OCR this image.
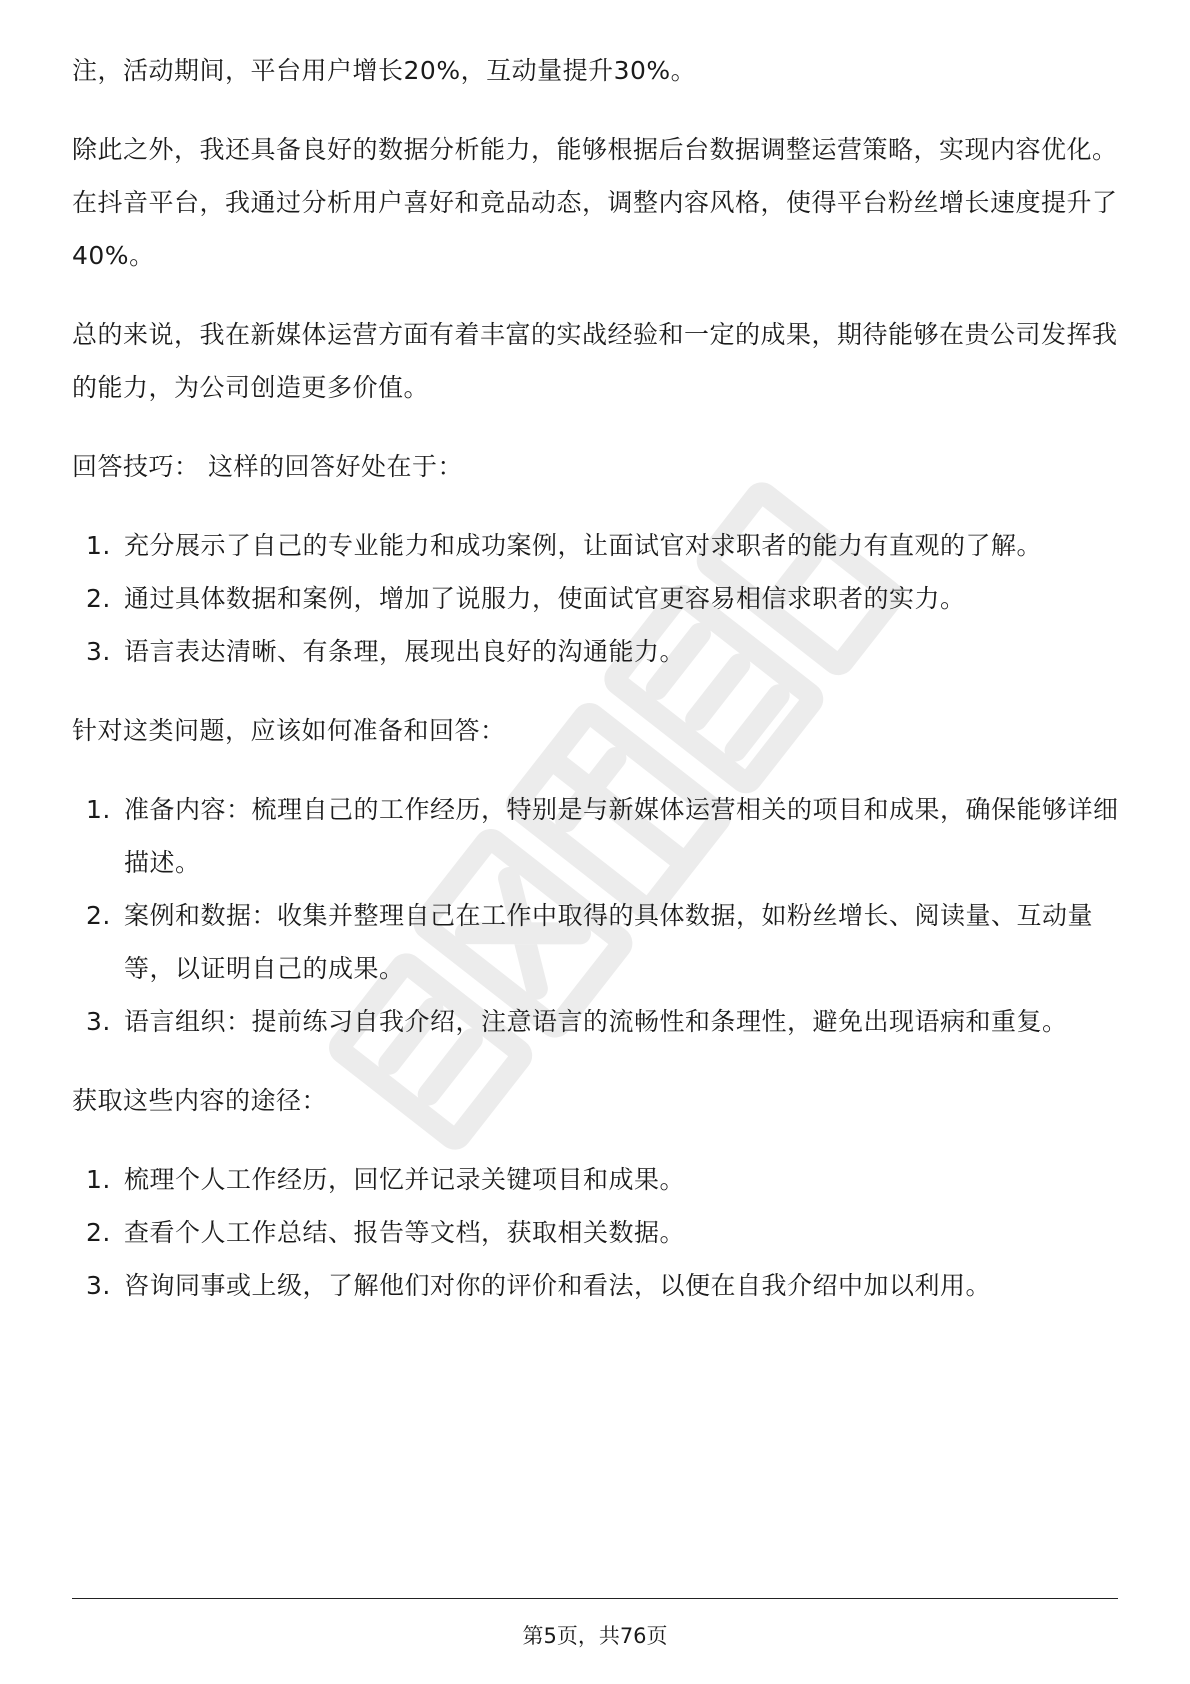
注，活动期间，平台用户增长20%，互动量提升30%。

除此之外，我还具备良好的数据分析能力，能够根据后台数据调整运营策略，实现内容优化。在抖音平台，我通过分析用户喜好和竞品动态，调整内容风格，使得平台粉丝增长速度提升了40%。

总的来说，我在新媒体运营方面有着丰富的实战经验和一定的成果，期待能够在贵公司发挥我的能力，为公司创造更多价值。

回答技巧： 这样的回答好处在于：

1. 充分展示了自己的专业能力和成功案例，让面试官对求职者的能力有直观的了解。
2. 通过具体数据和案例，增加了说服力，使面试官更容易相信求职者的实力。
3. 语言表达清晰、有条理，展现出良好的沟通能力。

针对这类问题，应该如何准备和回答：

1. 准备内容：梳理自己的工作经历，特别是与新媒体运营相关的项目和成果，确保能够详细描述。
2. 案例和数据：收集并整理自己在工作中取得的具体数据，如粉丝增长、阅读量、互动量等，以证明自己的成果。
3. 语言组织：提前练习自我介绍，注意语言的流畅性和条理性，避免出现语病和重复。

获取这些内容的途径：

1. 梳理个人工作经历，回忆并记录关键项目和成果。
2. 查看个人工作总结、报告等文档，获取相关数据。
3. 咨询同事或上级，了解他们对你的评价和看法，以便在自我介绍中加以利用。
第5页，共76页
